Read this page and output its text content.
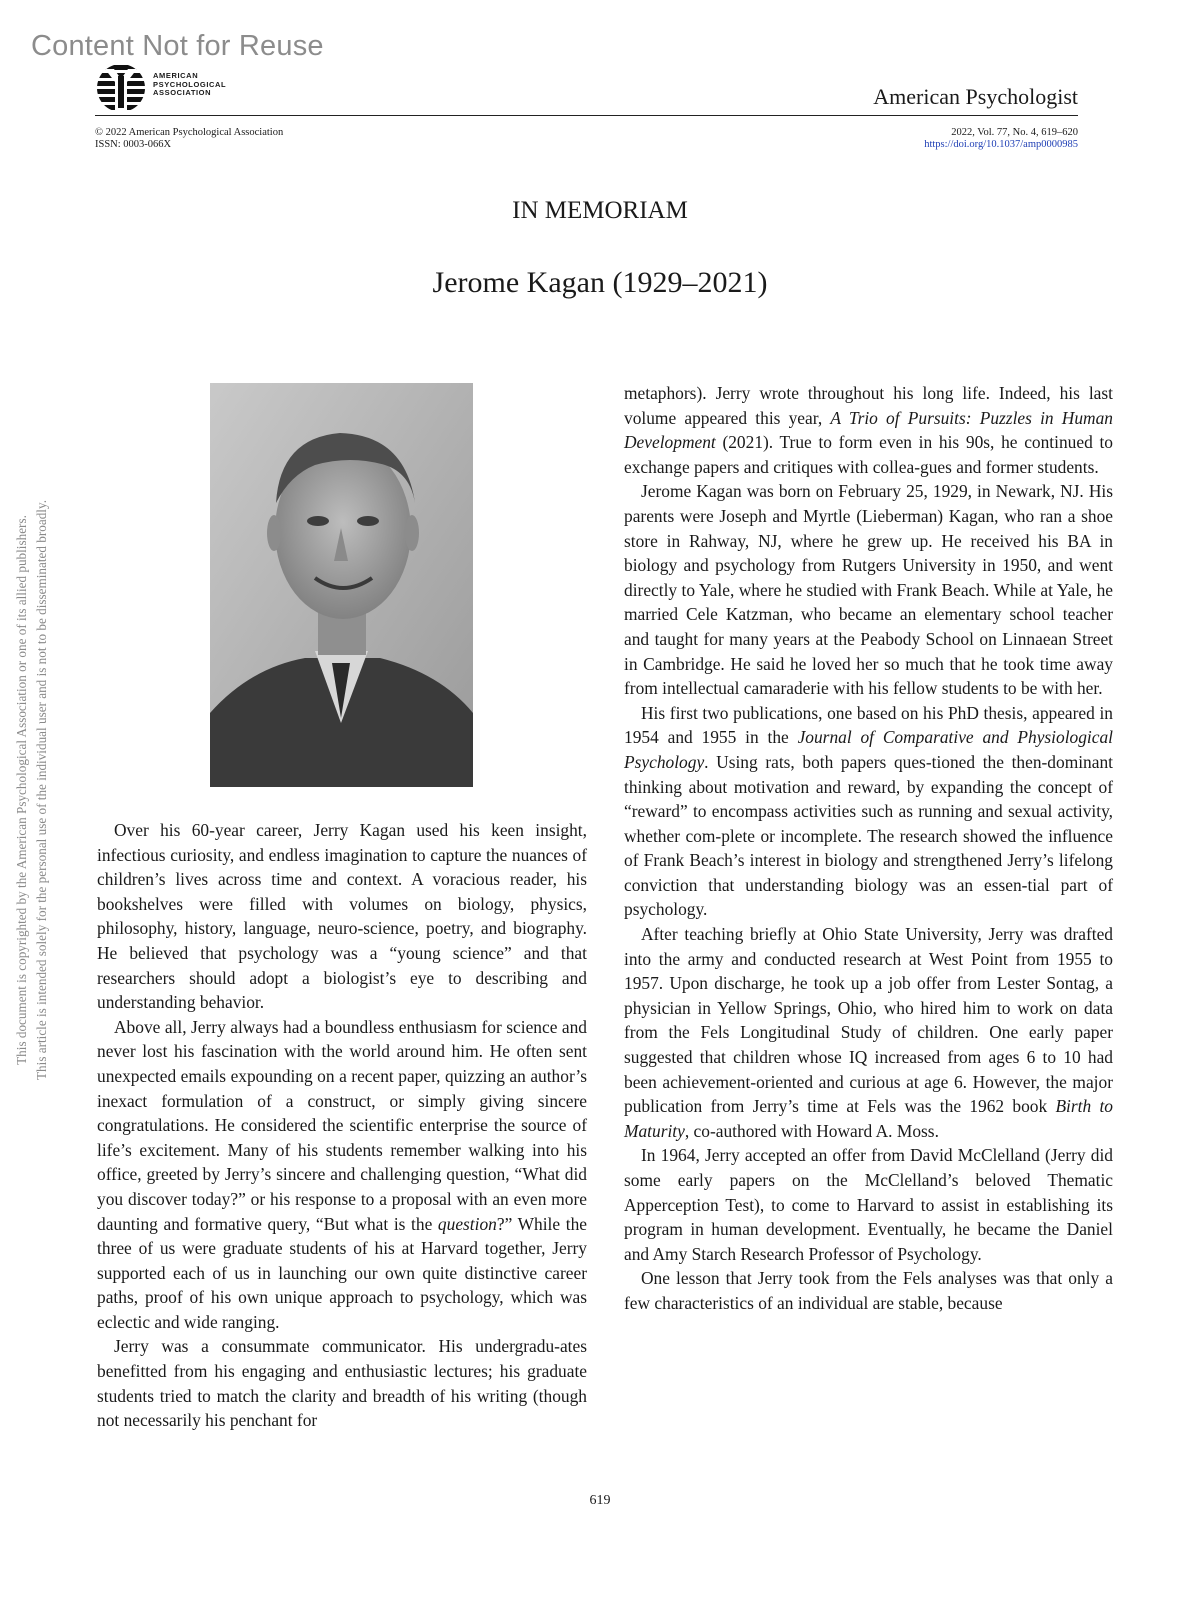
Content Not for Reuse
AMERICAN
PSYCHOLOGICAL
ASSOCIATION	American Psychologist
© 2022 American Psychological Association
ISSN: 0003-066X
2022, Vol. 77, No. 4, 619–620
https://doi.org/10.1037/amp0000985
IN MEMORIAM
Jerome Kagan (1929–2021)
This document is copyrighted by the American Psychological Association or one of its allied publishers. This article is intended solely for the personal use of the individual user and is not to be disseminated broadly.	Over his 60-year career, Jerry Kagan used his keen insight, infectious curiosity, and endless imagination to capture the nuances of children’s lives across time and context. A voracious reader, his bookshelves were filled with volumes on biology, physics, philosophy, history, language, neuro-science, poetry, and biography. He believed that psychology was a “young science” and that researchers should adopt a biologist’s eye to describing and understanding behavior.

Above all, Jerry always had a boundless enthusiasm for science and never lost his fascination with the world around him. He often sent unexpected emails expounding on a recent paper, quizzing an author’s inexact formulation of a construct, or simply giving sincere congratulations. He considered the scientific enterprise the source of life’s excitement. Many of his students remember walking into his office, greeted by Jerry’s sincere and challenging question, “What did you discover today?” or his response to a proposal with an even more daunting and formative query, “But what is the question?” While the three of us were graduate students of his at Harvard together, Jerry supported each of us in launching our own quite distinctive career paths, proof of his own unique approach to psychology, which was eclectic and wide ranging.

Jerry was a consummate communicator. His undergradu-ates benefitted from his engaging and enthusiastic lectures; his graduate students tried to match the clarity and breadth of his writing (though not necessarily his penchant for

metaphors). Jerry wrote throughout his long life. Indeed, his last volume appeared this year, A Trio of Pursuits: Puzzles in Human Development (2021). True to form even in his 90s, he continued to exchange papers and critiques with collea-gues and former students.

Jerome Kagan was born on February 25, 1929, in Newark, NJ. His parents were Joseph and Myrtle (Lieberman) Kagan, who ran a shoe store in Rahway, NJ, where he grew up. He received his BA in biology and psychology from Rutgers University in 1950, and went directly to Yale, where he studied with Frank Beach. While at Yale, he married Cele Katzman, who became an elementary school teacher and taught for many years at the Peabody School on Linnaean Street in Cambridge. He said he loved her so much that he took time away from intellectual camaraderie with his fellow students to be with her.

His first two publications, one based on his PhD thesis, appeared in 1954 and 1955 in the Journal of Comparative and Physiological Psychology. Using rats, both papers ques-tioned the then-dominant thinking about motivation and reward, by expanding the concept of “reward” to encompass activities such as running and sexual activity, whether com-plete or incomplete. The research showed the influence of Frank Beach’s interest in biology and strengthened Jerry’s lifelong conviction that understanding biology was an essen-tial part of psychology.

After teaching briefly at Ohio State University, Jerry was drafted into the army and conducted research at West Point from 1955 to 1957. Upon discharge, he took up a job offer from Lester Sontag, a physician in Yellow Springs, Ohio, who hired him to work on data from the Fels Longitudinal Study of children. One early paper suggested that children whose IQ increased from ages 6 to 10 had been achievement-oriented and curious at age 6. However, the major publication from Jerry’s time at Fels was the 1962 book Birth to Maturity, co-authored with Howard A. Moss.

In 1964, Jerry accepted an offer from David McClelland (Jerry did some early papers on the McClelland’s beloved Thematic Apperception Test), to come to Harvard to assist in establishing its program in human development. Eventually, he became the Daniel and Amy Starch Research Professor of Psychology.

One lesson that Jerry took from the Fels analyses was that only a few characteristics of an individual are stable, because

619
